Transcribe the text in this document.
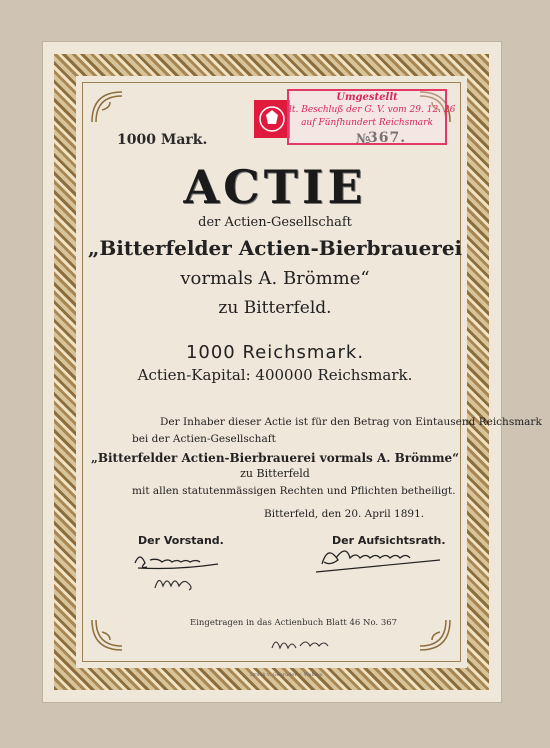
1000 Mark.	№
367.
Umgestellt
lt. Beschluß der G. V. vom 29. 12. 26
auf Fünfhundert Reichsmark
ACTIE
der Actien-Gesellschaft
„Bitterfelder Actien-Bierbrauerei
vormals A. Brömme“
zu Bitterfeld.
1000 Reichsmark.
Actien-Kapital: 400000 Reichsmark.
Der Inhaber dieser Actie ist für den Betrag von Eintausend Reichsmark
bei der Actien-Gesellschaft
„Bitterfelder Actien-Bierbrauerei vormals A. Brömme“
zu Bitterfeld
mit allen statutenmässigen Rechten und Pflichten betheiligt.
Bitterfeld, den 20. April 1891.
Der Vorstand.	Der Aufsichtsrath.
Eingetragen in das Actienbuch Blatt 46 No. 367
Druck v. Gebrüder v. Wahlen
